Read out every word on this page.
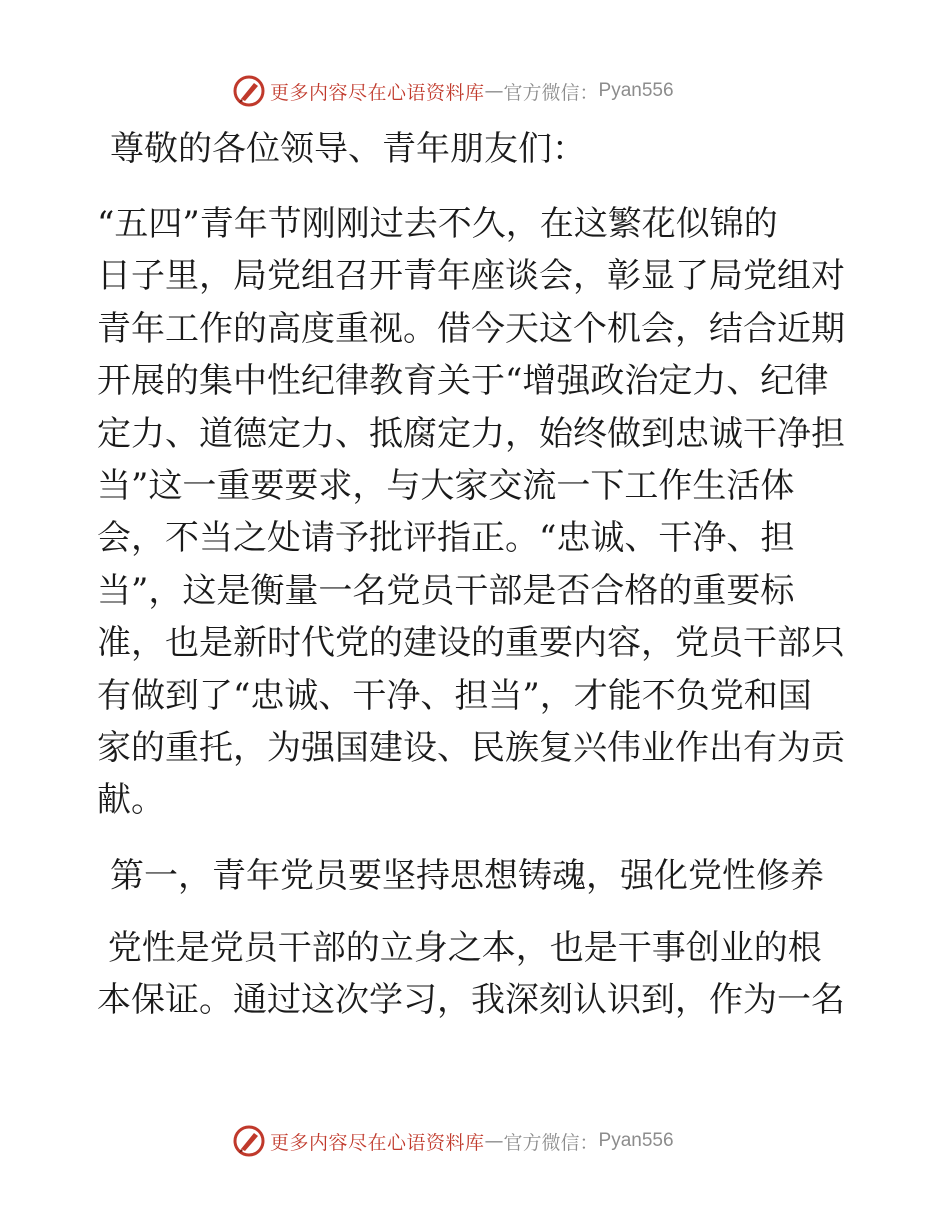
更多内容尽在心语资料库 — 官方微信： Pyan556

尊敬的各位领导、青年朋友们：

“五四”青年节刚刚过去不久，在这繁花似锦的
日子里，局党组召开青年座谈会，彰显了局党组对
青年工作的高度重视。借今天这个机会，结合近期
开展的集中性纪律教育关于“增强政治定力、纪律
定力、道德定力、抵腐定力，始终做到忠诚干净担
当”这一重要要求，与大家交流一下工作生活体
会，不当之处请予批评指正。“忠诚、干净、担
当”，这是衡量一名党员干部是否合格的重要标
准，也是新时代党的建设的重要内容，党员干部只
有做到了“忠诚、干净、担当”，才能不负党和国
家的重托，为强国建设、民族复兴伟业作出有为贡
献。

第一，青年党员要坚持思想铸魂，强化党性修养

党性是党员干部的立身之本，也是干事创业的根
本保证。通过这次学习，我深刻认识到，作为一名
更多内容尽在心语资料库 — 官方微信： Pyan556
